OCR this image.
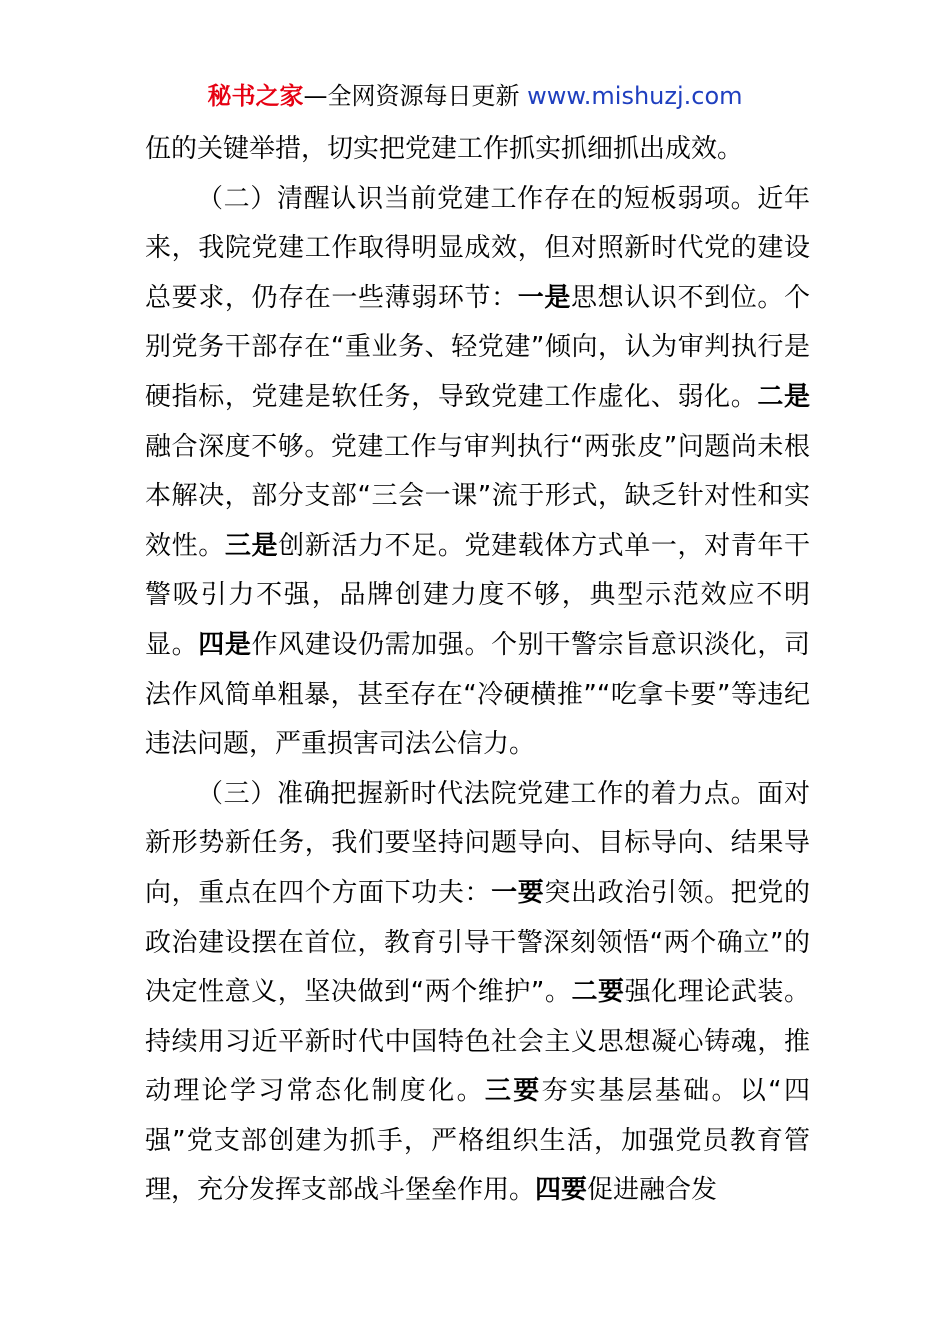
秘书之家—全网资源每日更新 www.mishuzj.com

伍的关键举措，切实把党建工作抓实抓细抓出成效。

（二）清醒认识当前党建工作存在的短板弱项。近年来，我院党建工作取得明显成效，但对照新时代党的建设总要求，仍存在一些薄弱环节：一是思想认识不到位。个别党务干部存在“重业务、轻党建”倾向，认为审判执行是硬指标，党建是软任务，导致党建工作虚化、弱化。二是融合深度不够。党建工作与审判执行“两张皮”问题尚未根本解决，部分支部“三会一课”流于形式，缺乏针对性和实效性。三是创新活力不足。党建载体方式单一，对青年干警吸引力不强，品牌创建力度不够，典型示范效应不明显。四是作风建设仍需加强。个别干警宗旨意识淡化，司法作风简单粗暴，甚至存在“冷硬横推”“吃拿卡要”等违纪违法问题，严重损害司法公信力。

（三）准确把握新时代法院党建工作的着力点。面对新形势新任务，我们要坚持问题导向、目标导向、结果导向，重点在四个方面下功夫：一要突出政治引领。把党的政治建设摆在首位，教育引导干警深刻领悟“两个确立”的决定性意义，坚决做到“两个维护”。二要强化理论武装。持续用习近平新时代中国特色社会主义思想凝心铸魂，推动理论学习常态化制度化。三要夯实基层基础。以“四强”党支部创建为抓手，严格组织生活，加强党员教育管理，充分发挥支部战斗堡垒作用。四要促进融合发
